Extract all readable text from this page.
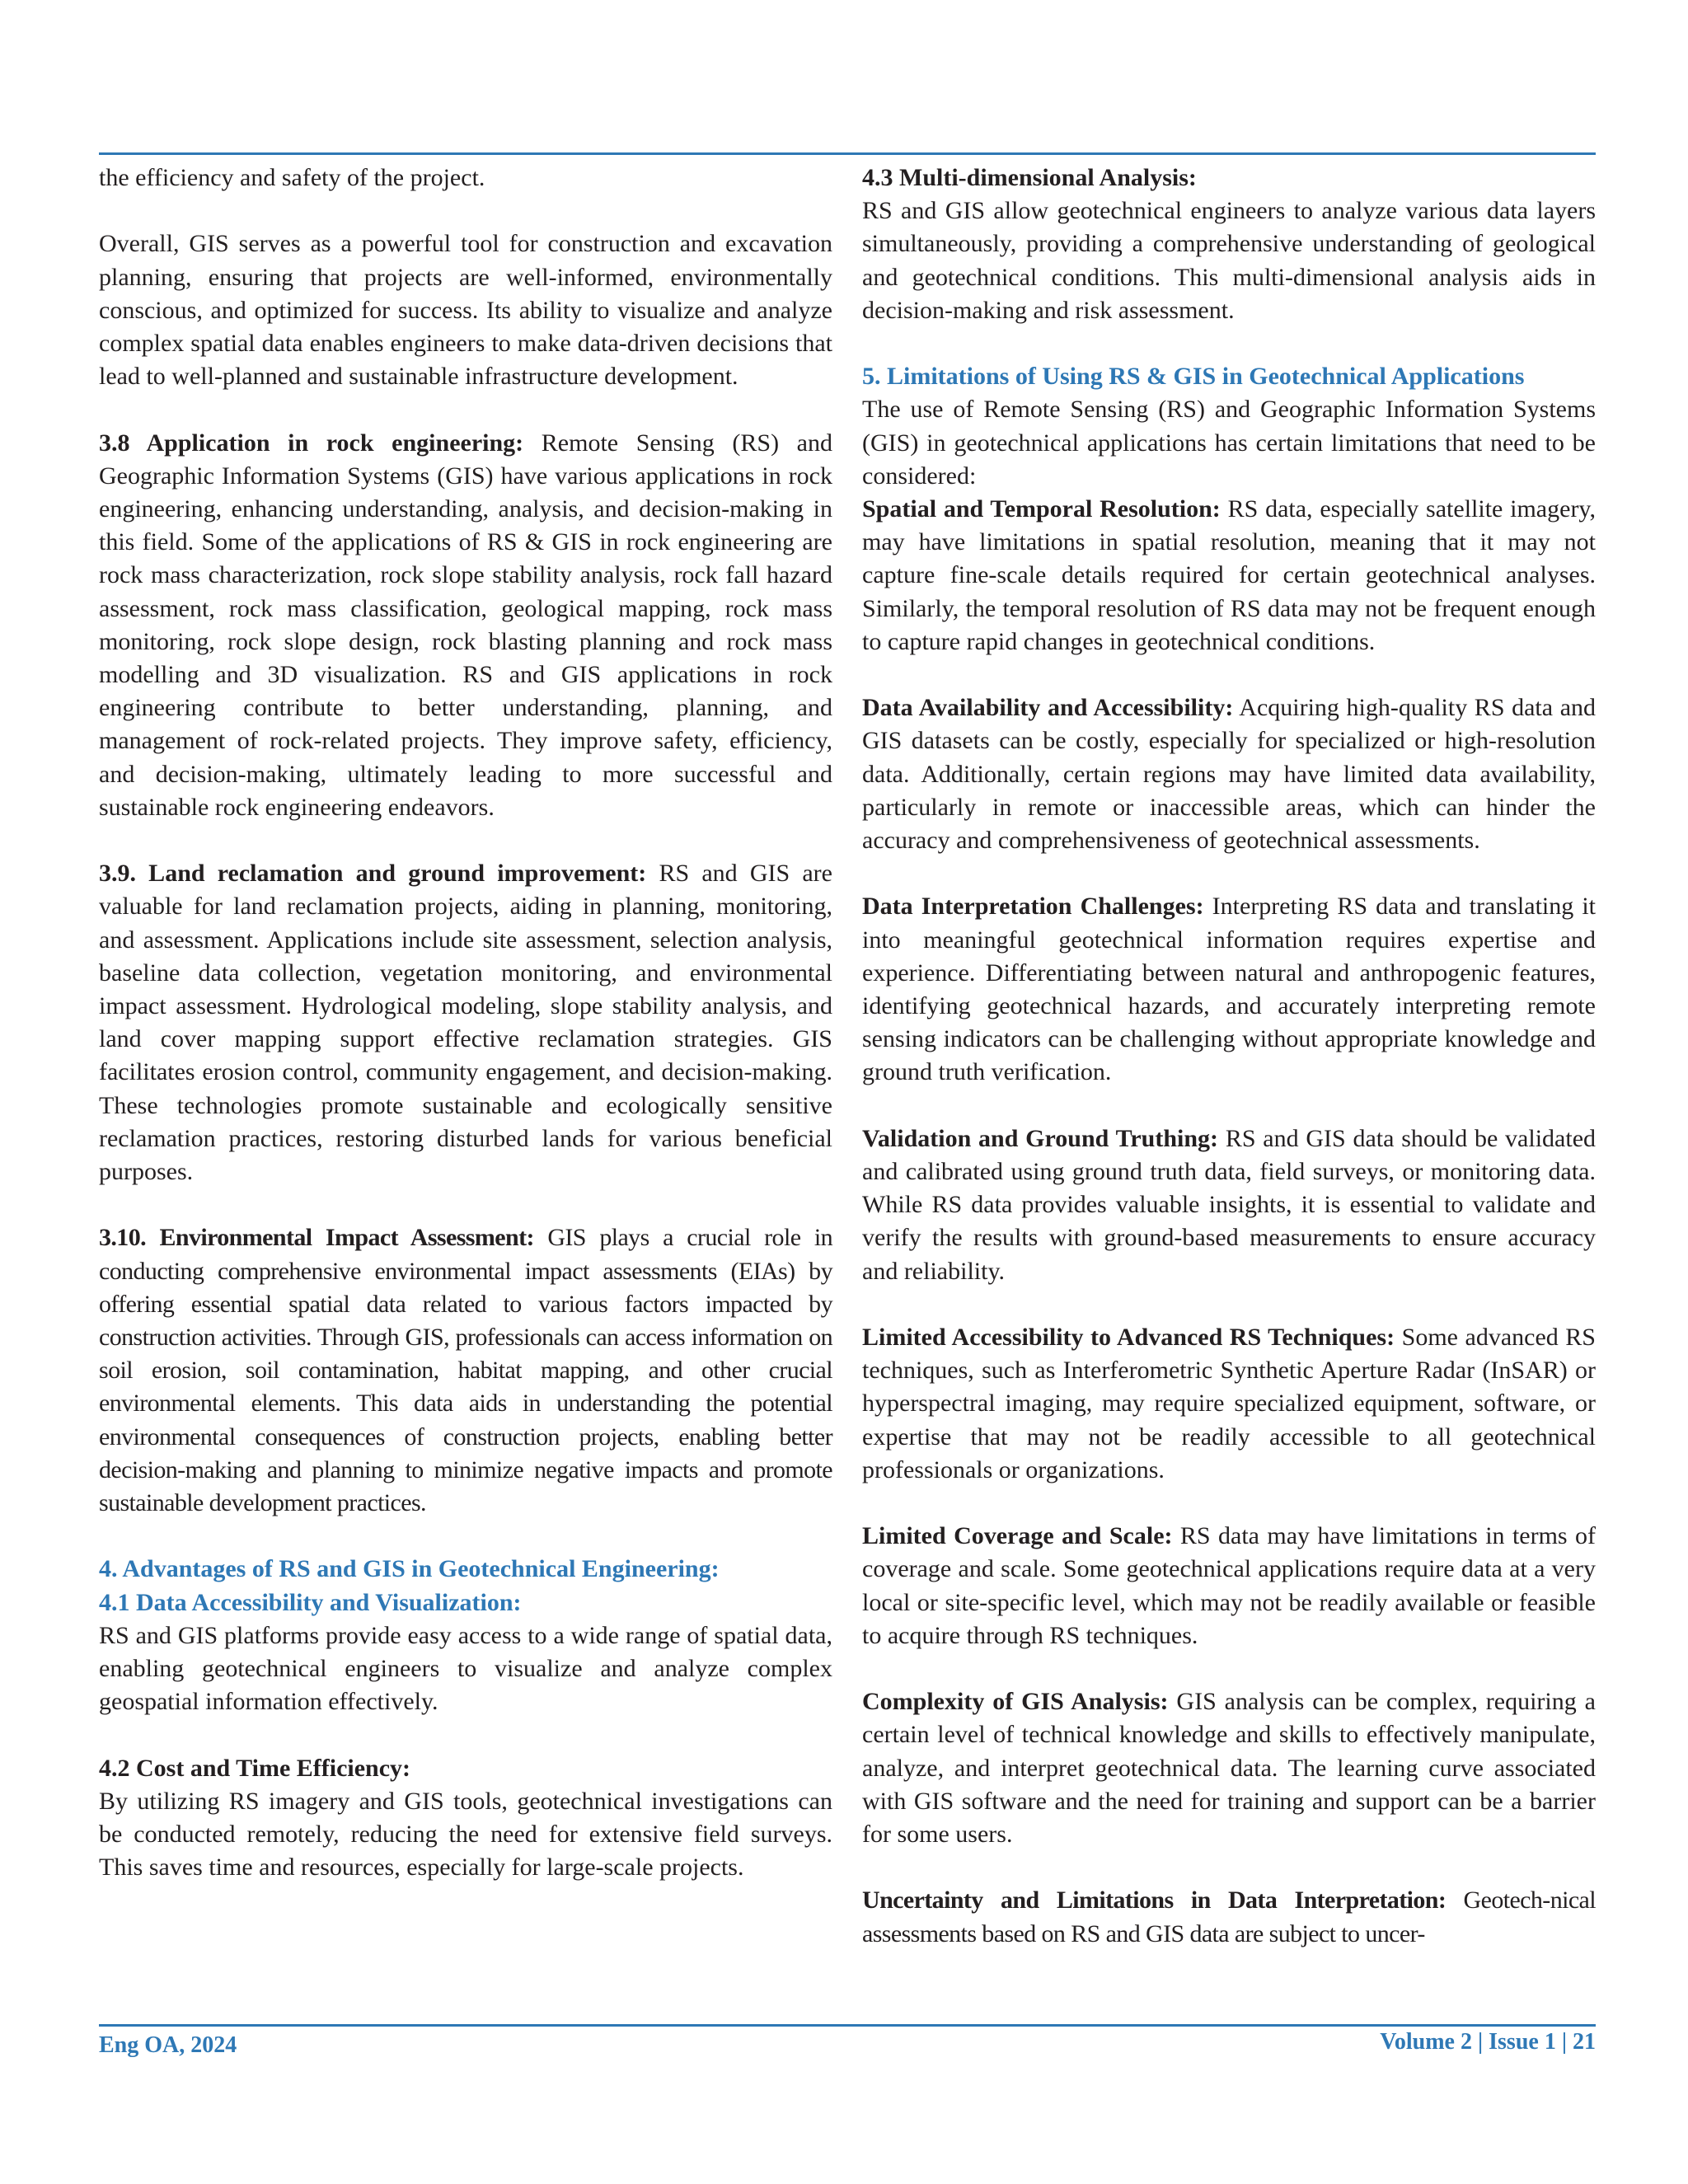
the efficiency and safety of the project.

Overall, GIS serves as a powerful tool for construction and excavation planning, ensuring that projects are well-informed, environmentally conscious, and optimized for success. Its ability to visualize and analyze complex spatial data enables engineers to make data-driven decisions that lead to well-planned and sustainable infrastructure development.

3.8 Application in rock engineering: Remote Sensing (RS) and Geographic Information Systems (GIS) have various applications in rock engineering, enhancing understanding, analysis, and decision-making in this field. Some of the applications of RS & GIS in rock engineering are rock mass characterization, rock slope stability analysis, rock fall hazard assessment, rock mass classification, geological mapping, rock mass monitoring, rock slope design, rock blasting planning and rock mass modelling and 3D visualization. RS and GIS applications in rock engineering contribute to better understanding, planning, and management of rock-related projects. They improve safety, efficiency, and decision-making, ultimately leading to more successful and sustainable rock engineering endeavors.

3.9. Land reclamation and ground improvement: RS and GIS are valuable for land reclamation projects, aiding in planning, monitoring, and assessment. Applications include site assessment, selection analysis, baseline data collection, vegetation monitoring, and environmental impact assessment. Hydrological modeling, slope stability analysis, and land cover mapping support effective reclamation strategies. GIS facilitates erosion control, community engagement, and decision-making. These technologies promote sustainable and ecologically sensitive reclamation practices, restoring disturbed lands for various beneficial purposes.

3.10. Environmental Impact Assessment: GIS plays a crucial role in conducting comprehensive environmental impact assessments (EIAs) by offering essential spatial data related to various factors impacted by construction activities. Through GIS, professionals can access information on soil erosion, soil contamination, habitat mapping, and other crucial environmental elements. This data aids in understanding the potential environmental consequences of construction projects, enabling better decision-making and planning to minimize negative impacts and promote sustainable development practices.

4. Advantages of RS and GIS in Geotechnical Engineering:
4.1 Data Accessibility and Visualization:

RS and GIS platforms provide easy access to a wide range of spatial data, enabling geotechnical engineers to visualize and analyze complex geospatial information effectively.

4.2 Cost and Time Efficiency:

By utilizing RS imagery and GIS tools, geotechnical investigations can be conducted remotely, reducing the need for extensive field surveys. This saves time and resources, especially for large-scale projects.

4.3 Multi-dimensional Analysis:

RS and GIS allow geotechnical engineers to analyze various data layers simultaneously, providing a comprehensive understanding of geological and geotechnical conditions. This multi-dimensional analysis aids in decision-making and risk assessment.

5. Limitations of Using RS & GIS in Geotechnical Applications

The use of Remote Sensing (RS) and Geographic Information Systems (GIS) in geotechnical applications has certain limitations that need to be considered:

Spatial and Temporal Resolution: RS data, especially satellite imagery, may have limitations in spatial resolution, meaning that it may not capture fine-scale details required for certain geotechnical analyses. Similarly, the temporal resolution of RS data may not be frequent enough to capture rapid changes in geotechnical conditions.

Data Availability and Accessibility: Acquiring high-quality RS data and GIS datasets can be costly, especially for specialized or high-resolution data. Additionally, certain regions may have limited data availability, particularly in remote or inaccessible areas, which can hinder the accuracy and comprehensiveness of geotechnical assessments.

Data Interpretation Challenges: Interpreting RS data and translating it into meaningful geotechnical information requires expertise and experience. Differentiating between natural and anthropogenic features, identifying geotechnical hazards, and accurately interpreting remote sensing indicators can be challenging without appropriate knowledge and ground truth verification.

Validation and Ground Truthing: RS and GIS data should be validated and calibrated using ground truth data, field surveys, or monitoring data. While RS data provides valuable insights, it is essential to validate and verify the results with ground-based measurements to ensure accuracy and reliability.

Limited Accessibility to Advanced RS Techniques: Some advanced RS techniques, such as Interferometric Synthetic Aperture Radar (InSAR) or hyperspectral imaging, may require specialized equipment, software, or expertise that may not be readily accessible to all geotechnical professionals or organizations.

Limited Coverage and Scale: RS data may have limitations in terms of coverage and scale. Some geotechnical applications require data at a very local or site-specific level, which may not be readily available or feasible to acquire through RS techniques.

Complexity of GIS Analysis: GIS analysis can be complex, requiring a certain level of technical knowledge and skills to effectively manipulate, analyze, and interpret geotechnical data. The learning curve associated with GIS software and the need for training and support can be a barrier for some users.

Uncertainty and Limitations in Data Interpretation: Geotech-nical assessments based on RS and GIS data are subject to uncer-

Eng OA, 2024	Volume 2 | Issue 1 | 21
